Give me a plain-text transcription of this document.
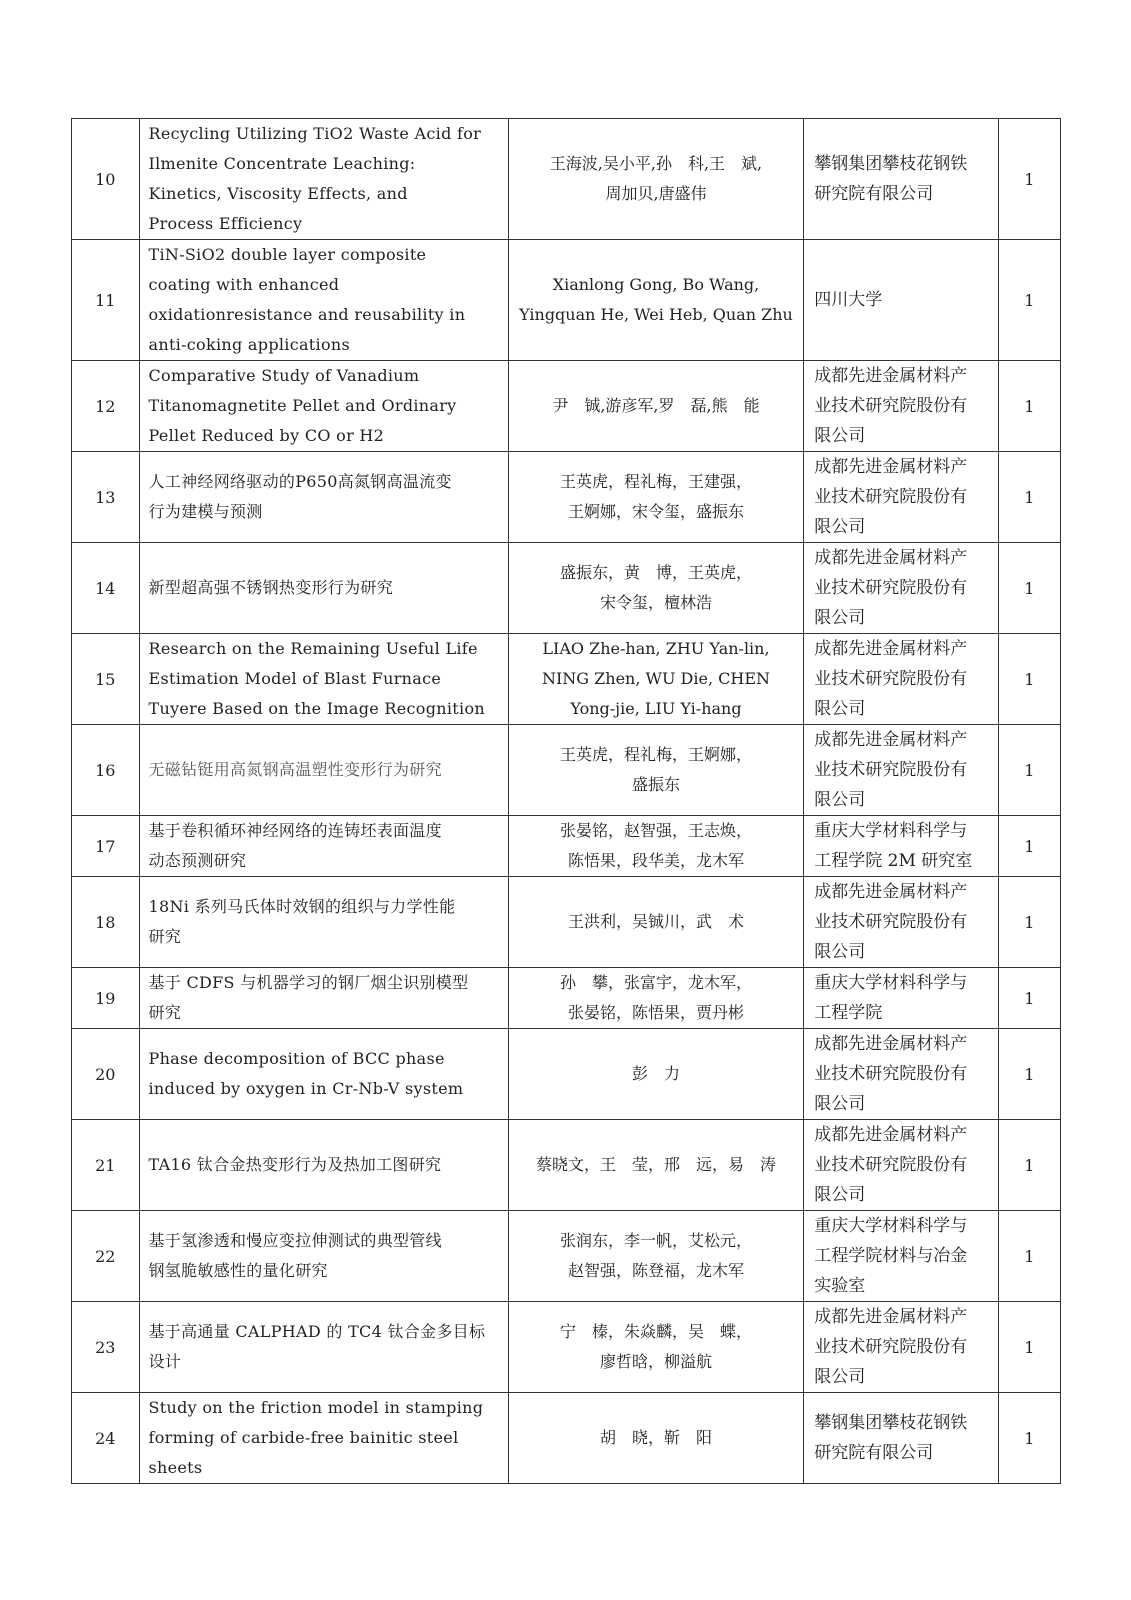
10	Recycling Utilizing TiO2 Waste Acid for
Ilmenite Concentrate Leaching:
Kinetics, Viscosity Effects, and
Process Efficiency	王海波,吴小平,孙　科,王　斌,
周加贝,唐盛伟	攀钢集团攀枝花钢铁
研究院有限公司	1
11	TiN-SiO2 double layer composite
coating with enhanced
oxidationresistance and reusability in
anti-coking applications	Xianlong Gong, Bo Wang,
Yingquan He, Wei Heb, Quan Zhu	四川大学	1
12	Comparative Study of Vanadium
Titanomagnetite Pellet and Ordinary
Pellet Reduced by CO or H2	尹　铖,游彦军,罗　磊,熊　能	成都先进金属材料产
业技术研究院股份有
限公司	1
13	人工神经网络驱动的P650高氮钢高温流变
行为建模与预测	王英虎，程礼梅，王建强，
王婀娜，宋令玺，盛振东	成都先进金属材料产
业技术研究院股份有
限公司	1
14	新型超高强不锈钢热变形行为研究	盛振东，黄　博，王英虎，
宋令玺，檀林浩	成都先进金属材料产
业技术研究院股份有
限公司	1
15	Research on the Remaining Useful Life
Estimation Model of Blast Furnace
Tuyere Based on the Image Recognition	LIAO Zhe-han, ZHU Yan-lin,
NING Zhen, WU Die, CHEN
Yong-jie, LIU Yi-hang	成都先进金属材料产
业技术研究院股份有
限公司	1
16	无磁钻铤用高氮钢高温塑性变形行为研究	王英虎，程礼梅，王婀娜，
盛振东	成都先进金属材料产
业技术研究院股份有
限公司	1
17	基于卷积循环神经网络的连铸坯表面温度
动态预测研究	张晏铭，赵智强，王志焕，
陈悟果，段华美，龙木军	重庆大学材料科学与
工程学院 2M 研究室	1
18	18Ni 系列马氏体时效钢的组织与力学性能
研究	王洪利，吴铖川，武　术	成都先进金属材料产
业技术研究院股份有
限公司	1
19	基于 CDFS 与机器学习的钢厂烟尘识别模型
研究	孙　攀，张富宇，龙木军，
张晏铭，陈悟果，贾丹彬	重庆大学材料科学与
工程学院	1
20	Phase decomposition of BCC phase
induced by oxygen in Cr-Nb-V system	彭　力	成都先进金属材料产
业技术研究院股份有
限公司	1
21	TA16 钛合金热变形行为及热加工图研究	蔡晓文，王　莹，邢　远，易　涛	成都先进金属材料产
业技术研究院股份有
限公司	1
22	基于氢渗透和慢应变拉伸测试的典型管线
钢氢脆敏感性的量化研究	张润东，李一帆，艾松元，
赵智强，陈登福，龙木军	重庆大学材料科学与
工程学院材料与冶金
实验室	1
23	基于高通量 CALPHAD 的 TC4 钛合金多目标
设计	宁　榛，朱焱麟，吴　蝶，
廖哲晗，柳溢航	成都先进金属材料产
业技术研究院股份有
限公司	1
24	Study on the friction model in stamping
forming of carbide-free bainitic steel
sheets	胡　晓，靳　阳	攀钢集团攀枝花钢铁
研究院有限公司	1
